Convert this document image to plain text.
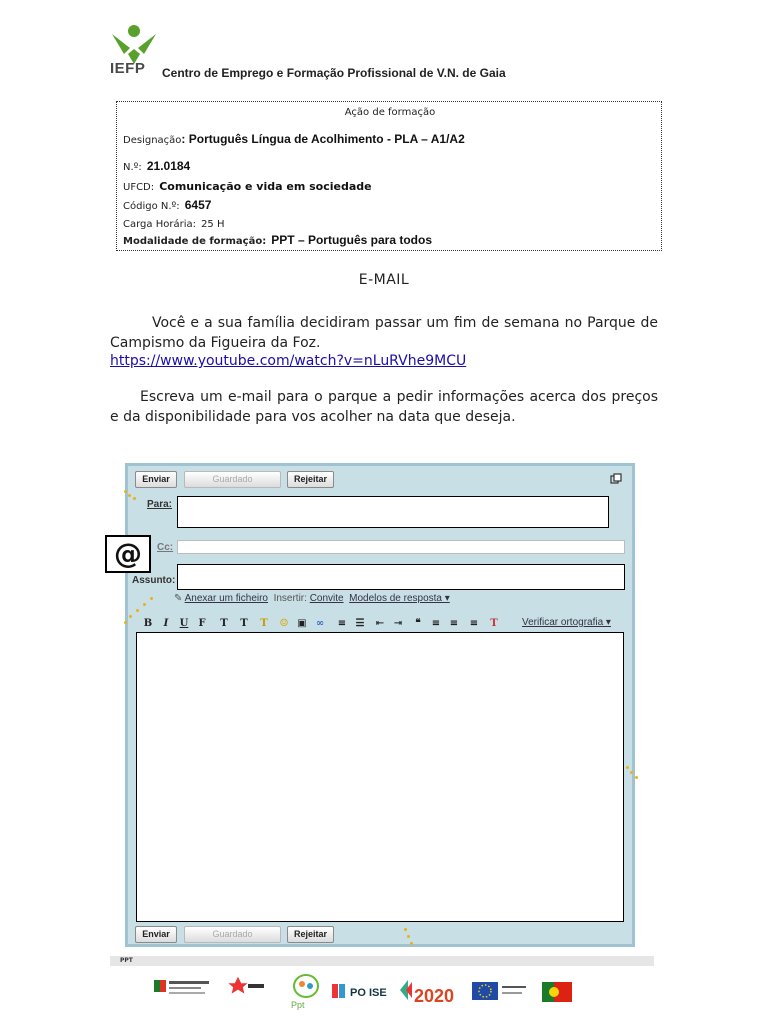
IEFP Centro de Emprego e Formação Profissional de V.N. de Gaia
Ação de formação
Designação: Português Língua de Acolhimento - PLA – A1/A2
N.º: 21.0184
UFCD: Comunicação e vida em sociedade
Código N.º: 6457
Carga Horária: 25 H
Modalidade de formação: PPT – Português para todos
E-MAIL
Você e a sua família decidiram passar um fim de semana no Parque de Campismo da Figueira da Foz.
https://www.youtube.com/watch?v=nLuRVhe9MCU
Escreva um e-mail para o parque a pedir informações acerca dos preços e da disponibilidade para vos acolher na data que deseja.
Enviar	Guardado	Rejeitar
Para:
Cc:
Assunto:
✎ Anexar um ficheiro Insertir: Convite Modelos de resposta ▾
B	I	U F T T T ☺ ▣ ∞ ≡ ☰ ⇤ ⇥	❝	≡ ≡ ≡ T Verificar ortografia ▾
Enviar	Guardado	Rejeitar
@
PPT
Ppt
PO ISE 2020
